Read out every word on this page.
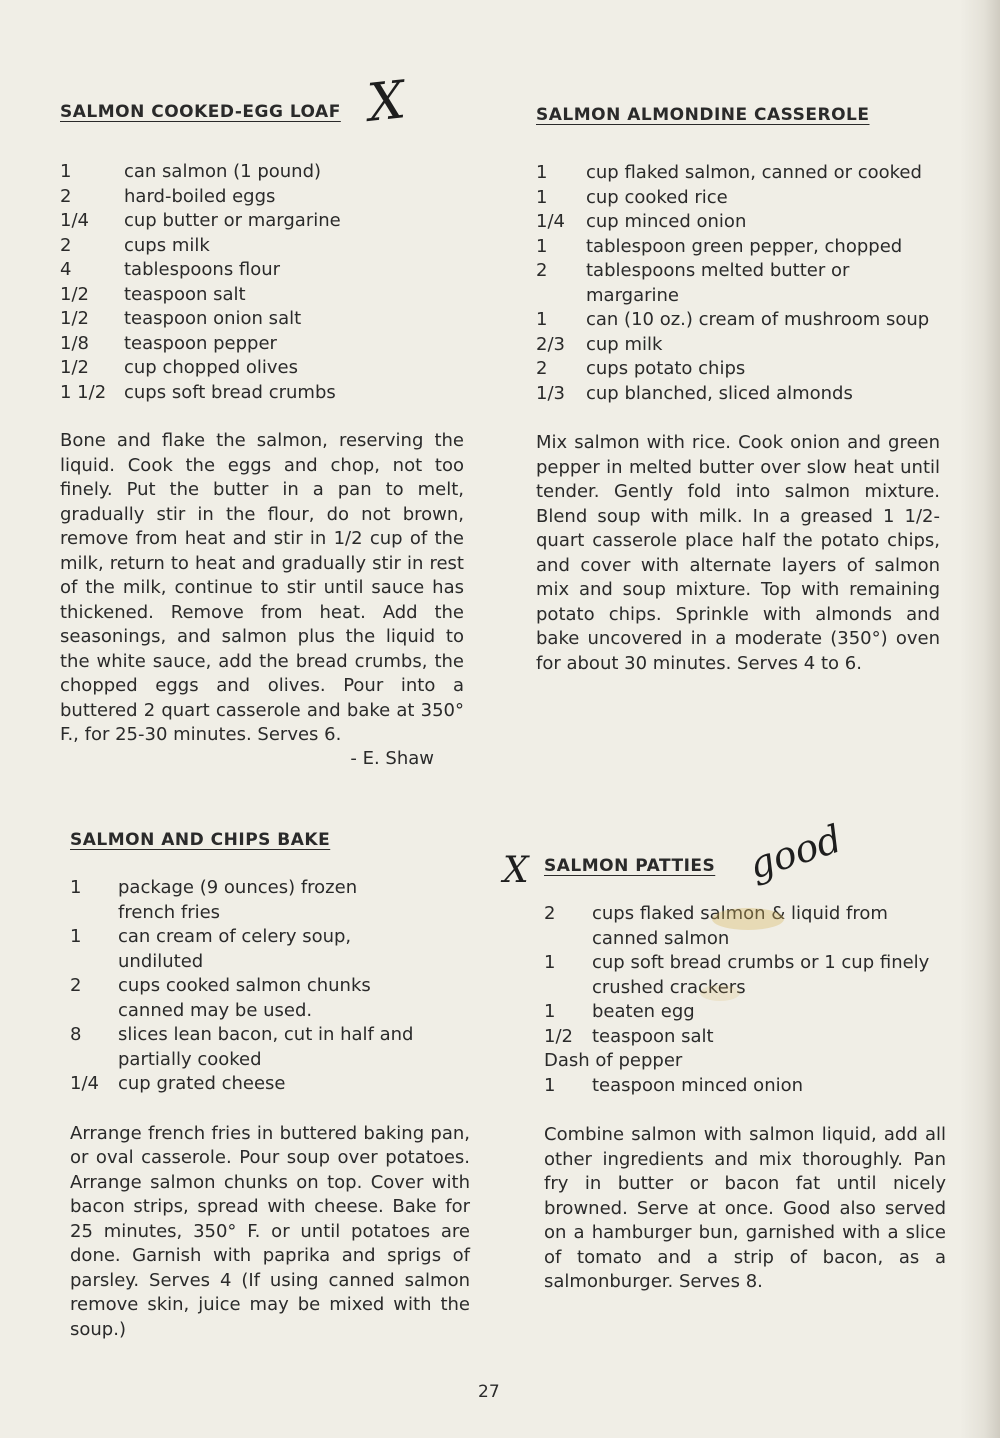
SALMON COOKED-EGG LOAF
1	can salmon (1 pound)
2	hard-boiled eggs
1/4	cup butter or margarine
2	cups milk
4	tablespoons flour
1/2	teaspoon salt
1/2	teaspoon onion salt
1/8	teaspoon pepper
1/2	cup chopped olives
1 1/2 cups soft bread crumbs

Bone and flake the salmon, reserving the liquid. Cook the eggs and chop, not too finely. Put the butter in a pan to melt, gradually stir in the flour, do not brown, remove from heat and stir in 1/2 cup of the milk, return to heat and gradually stir in rest of the milk, continue to stir until sauce has thickened. Remove from heat. Add the seasonings, and salmon plus the liquid to the white sauce, add the bread crumbs, the chopped eggs and olives. Pour into a buttered 2 quart casserole and bake at 350° F., for 25-30 minutes. Serves 6.

- E. Shaw

SALMON ALMONDINE CASSEROLE
1	cup flaked salmon, canned or cooked
1	cup cooked rice
1/4	cup minced onion
1	tablespoon green pepper, chopped
2	tablespoons melted butter or margarine
1	can (10 oz.) cream of mushroom soup
2/3	cup milk
2	cups potato chips
1/3	cup blanched, sliced almonds

Mix salmon with rice. Cook onion and green pepper in melted butter over slow heat until tender. Gently fold into salmon mixture. Blend soup with milk. In a greased 1 1/2-quart casserole place half the potato chips, and cover with alternate layers of salmon mix and soup mixture. Top with remaining potato chips. Sprinkle with almonds and bake uncovered in a moderate (350°) oven for about 30 minutes. Serves 4 to 6.

SALMON AND CHIPS BAKE
1	package (9 ounces) frozen french fries
1	can cream of celery soup, undiluted
2	cups cooked salmon chunks canned may be used.
8	slices lean bacon, cut in half and partially cooked
1/4	cup grated cheese

Arrange french fries in buttered baking pan, or oval casserole. Pour soup over potatoes. Arrange salmon chunks on top. Cover with bacon strips, spread with cheese. Bake for 25 minutes, 350° F. or until potatoes are done. Garnish with paprika and sprigs of parsley. Serves 4 (If using canned salmon remove skin, juice may be mixed with the soup.)

SALMON PATTIES
2	cups flaked salmon & liquid from canned salmon
1	cup soft bread crumbs or 1 cup finely crushed crackers
1	beaten egg
1/2	teaspoon salt
Dash of pepper
1	teaspoon minced onion

Combine salmon with salmon liquid, add all other ingredients and mix thoroughly. Pan fry in butter or bacon fat until nicely browned. Serve at once. Good also served on a hamburger bun, garnished with a slice of tomato and a strip of bacon, as a salmonburger. Serves 8.

X
X	good
27
